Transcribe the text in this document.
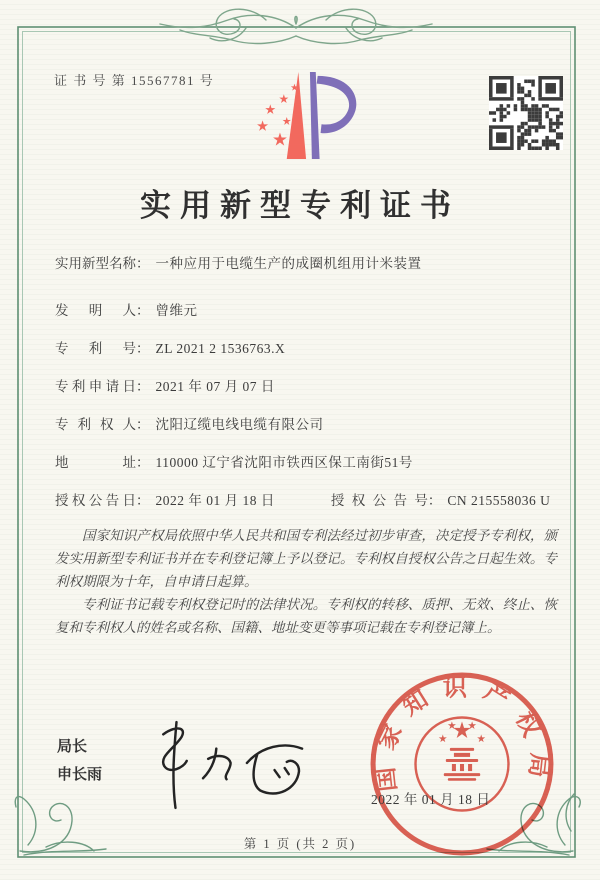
证 书 号 第 15567781 号
实用新型专利证书
实用新型名称： 一种应用于电缆生产的成圈机组用计米装置
发 明 人： 曾维元
专 利 号： ZL 2021 2 1536763.X
专利申请日： 2021 年 07 月 07 日
专 利 权 人： 沈阳辽缆电线电缆有限公司
地 址： 110000 辽宁省沈阳市铁西区保工南街51号
授权公告日： 2022 年 01 月 18 日	授权公告号： CN 215558036 U

国家知识产权局依照中华人民共和国专利法经过初步审查，决定授予专利权，颁发实用新型专利证书并在专利登记簿上予以登记。专利权自授权公告之日起生效。专利权期限为十年，自申请日起算。

专利证书记载专利权登记时的法律状况。专利权的转移、质押、无效、终止、恢复和专利权人的姓名或名称、国籍、地址变更等事项记载在专利登记簿上。

局长
申长雨	国家知识产权局
2022 年 01 月 18 日
第 1 页 (共 2 页)
